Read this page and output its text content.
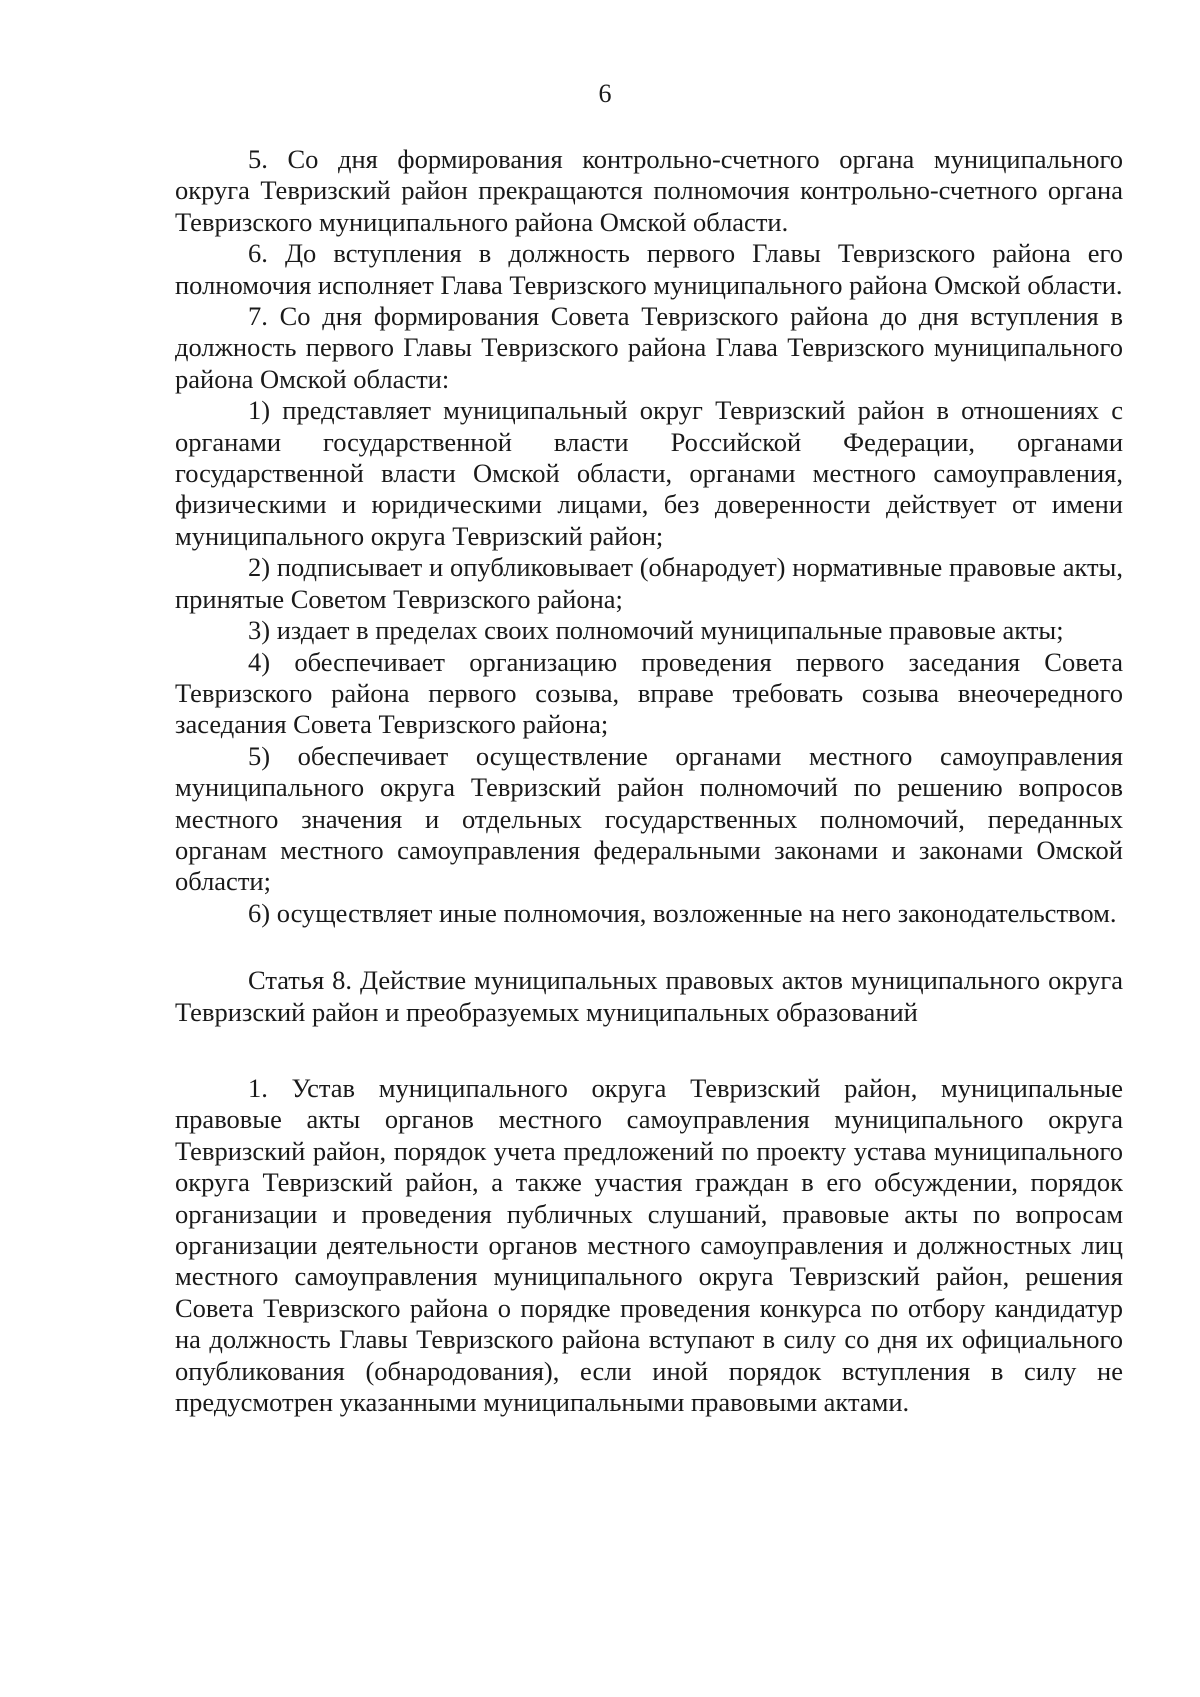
6

5. Со дня формирования контрольно-счетного органа муниципального округа Тевризский район прекращаются полномочия контрольно-счетного органа Тевризского муниципального района Омской области.

6. До вступления в должность первого Главы Тевризского района его полномочия исполняет Глава Тевризского муниципального района Омской области.

7. Со дня формирования Совета Тевризского района до дня вступления в должность первого Главы Тевризского района Глава Тевризского муниципального района Омской области:

1) представляет муниципальный округ Тевризский район в отношениях с органами государственной власти Российской Федерации, органами государственной власти Омской области, органами местного самоуправления, физическими и юридическими лицами, без доверенности действует от имени муниципального округа Тевризский район;

2) подписывает и опубликовывает (обнародует) нормативные правовые акты, принятые Советом Тевризского района;

3) издает в пределах своих полномочий муниципальные правовые акты;

4) обеспечивает организацию проведения первого заседания Совета Тевризского района первого созыва, вправе требовать созыва внеочередного заседания Совета Тевризского района;

5) обеспечивает осуществление органами местного самоуправления муниципального округа Тевризский район полномочий по решению вопросов местного значения и отдельных государственных полномочий, переданных органам местного самоуправления федеральными законами и законами Омской области;

6) осуществляет иные полномочия, возложенные на него законодательством.

Статья 8. Действие муниципальных правовых актов муниципального округа Тевризский район и преобразуемых муниципальных образований

1. Устав муниципального округа Тевризский район, муниципальные правовые акты органов местного самоуправления муниципального округа Тевризский район, порядок учета предложений по проекту устава муниципального округа Тевризский район, а также участия граждан в его обсуждении, порядок организации и проведения публичных слушаний, правовые акты по вопросам организации деятельности органов местного самоуправления и должностных лиц местного самоуправления муниципального округа Тевризский район, решения Совета Тевризского района о порядке проведения конкурса по отбору кандидатур на должность Главы Тевризского района вступают в силу со дня их официального опубликования (обнародования), если иной порядок вступления в силу не предусмотрен указанными муниципальными правовыми актами.
